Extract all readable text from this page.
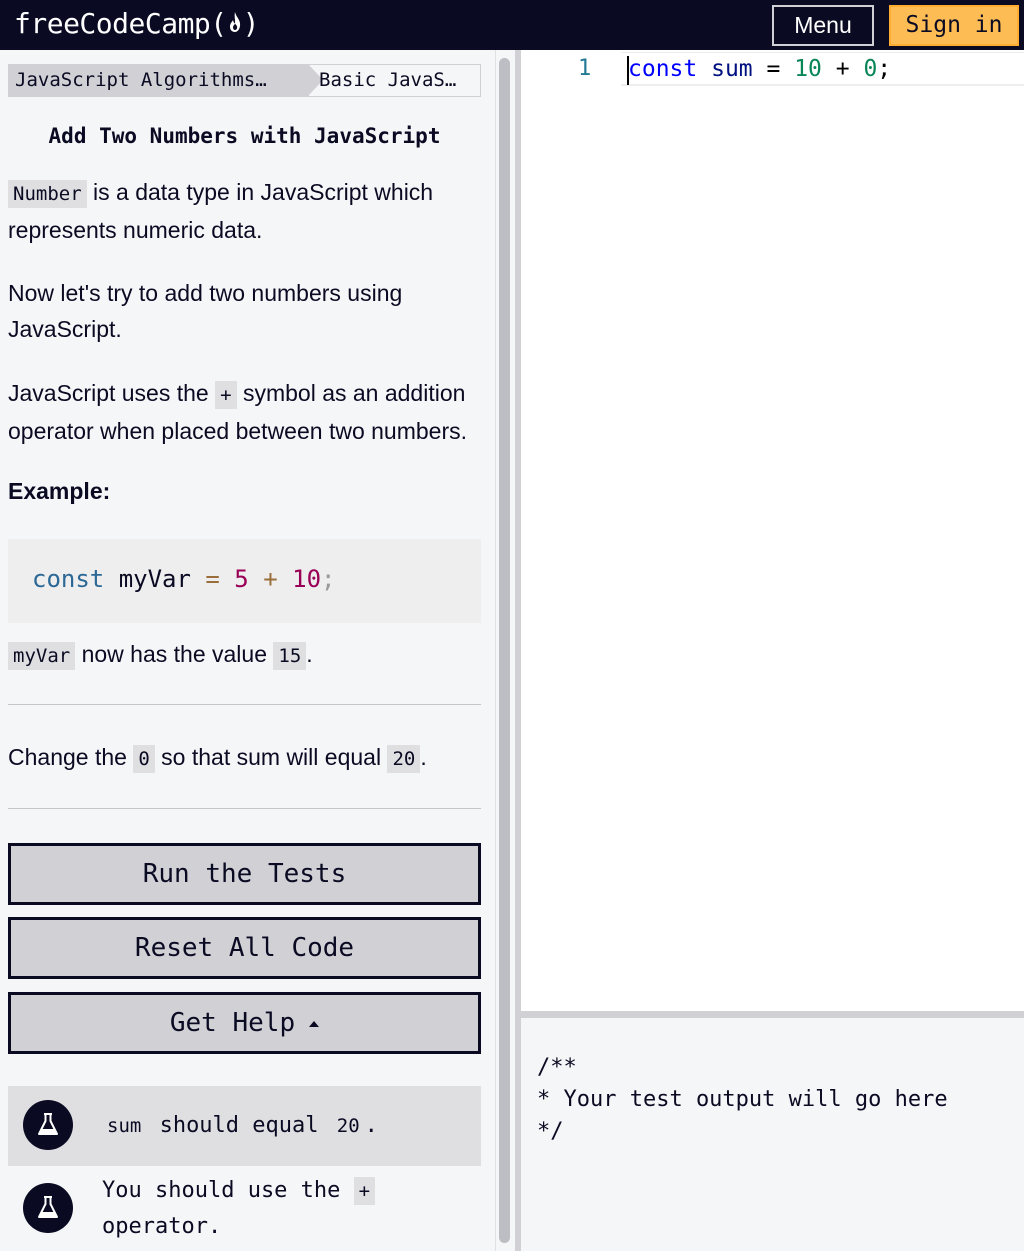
freeCodeCamp( )	Menu	Sign in
JavaScript Algorithms…	Basic JavaS…
Add Two Numbers with JavaScript
Number is a data type in JavaScript which represents numeric data.
Now let's try to add two numbers using JavaScript.
JavaScript uses the + symbol as an addition operator when placed between two numbers.
Example:
const myVar = 5 + 10;
myVar now has the value 15 .
Change the 0 so that sum will equal 20 .
Run the Tests
Reset All Code
Get Help
sum should equal 20 .
You should use the + operator.
1 const sum = 10 + 0;
/**
* Your test output will go here
*/
